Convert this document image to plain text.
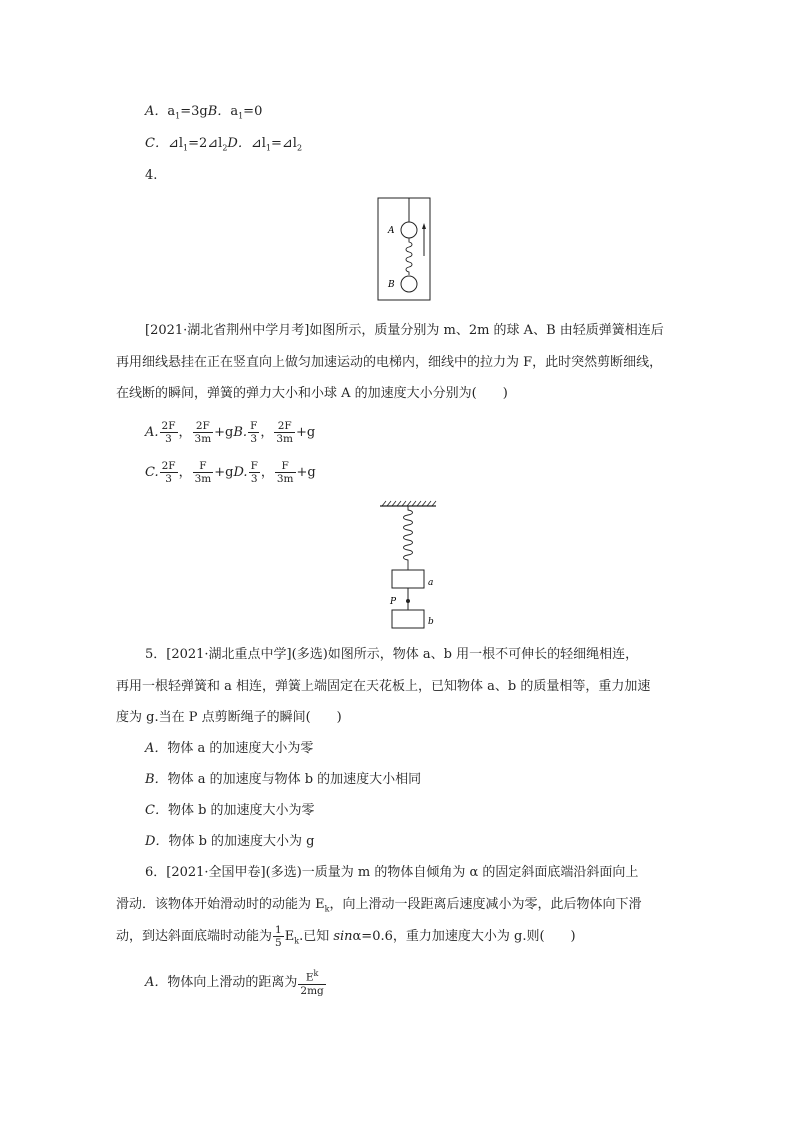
A．$a_1=3gB$．$a_1=0$
C．$⊿l_1=2⊿l_2D$．$⊿l_1=⊿l_2$
4.
A
B
[2021·湖北省荆州中学月考]如图所示，质量分别为 m、2m 的球 A、B 由轻质弹簧相连后
再用细线悬挂在正在竖直向上做匀加速运动的电梯内，细线中的拉力为 F，此时突然剪断细线，
在线断的瞬间，弹簧的弹力大小和小球 A 的加速度大小分别为(　　)
A. $\frac{2F}{3}$ ， $\frac{2F}{3m} +gB$. $\frac{F}{3}$ ， $\frac{2F}{3m} +g$
C. $\frac{2F}{3}$ ， $\frac{F}{3m} +gD$. $\frac{F}{3}$ ， $\frac{F}{3m} +g$
a
P
b
5．[2021·湖北重点中学](多选)如图所示，物体 a、b 用一根不可伸长的轻细绳相连，
再用一根轻弹簧和 a 相连，弹簧上端固定在天花板上，已知物体 a、b 的质量相等，重力加速
度为 g.当在 P 点剪断绳子的瞬间(　　)
A．物体 a 的加速度大小为零
B．物体 a 的加速度与物体 b 的加速度大小相同
C．物体 b 的加速度大小为零
D．物体 b 的加速度大小为 g
6．[2021·全国甲卷](多选)一质量为 m 的物体自倾角为 α 的固定斜面底端沿斜面向上
滑动．该物体开始滑动时的动能为 $E_k$，向上滑动一段距离后速度减小为零，此后物体向下滑
动，到达斜面底端时动能为 $\frac{1}{5} E_k$.已知 sinα=0.6，重力加速度大小为 g.则(　　)
A．物体向上滑动的距离为 $\frac{E^k}{2mg}$
